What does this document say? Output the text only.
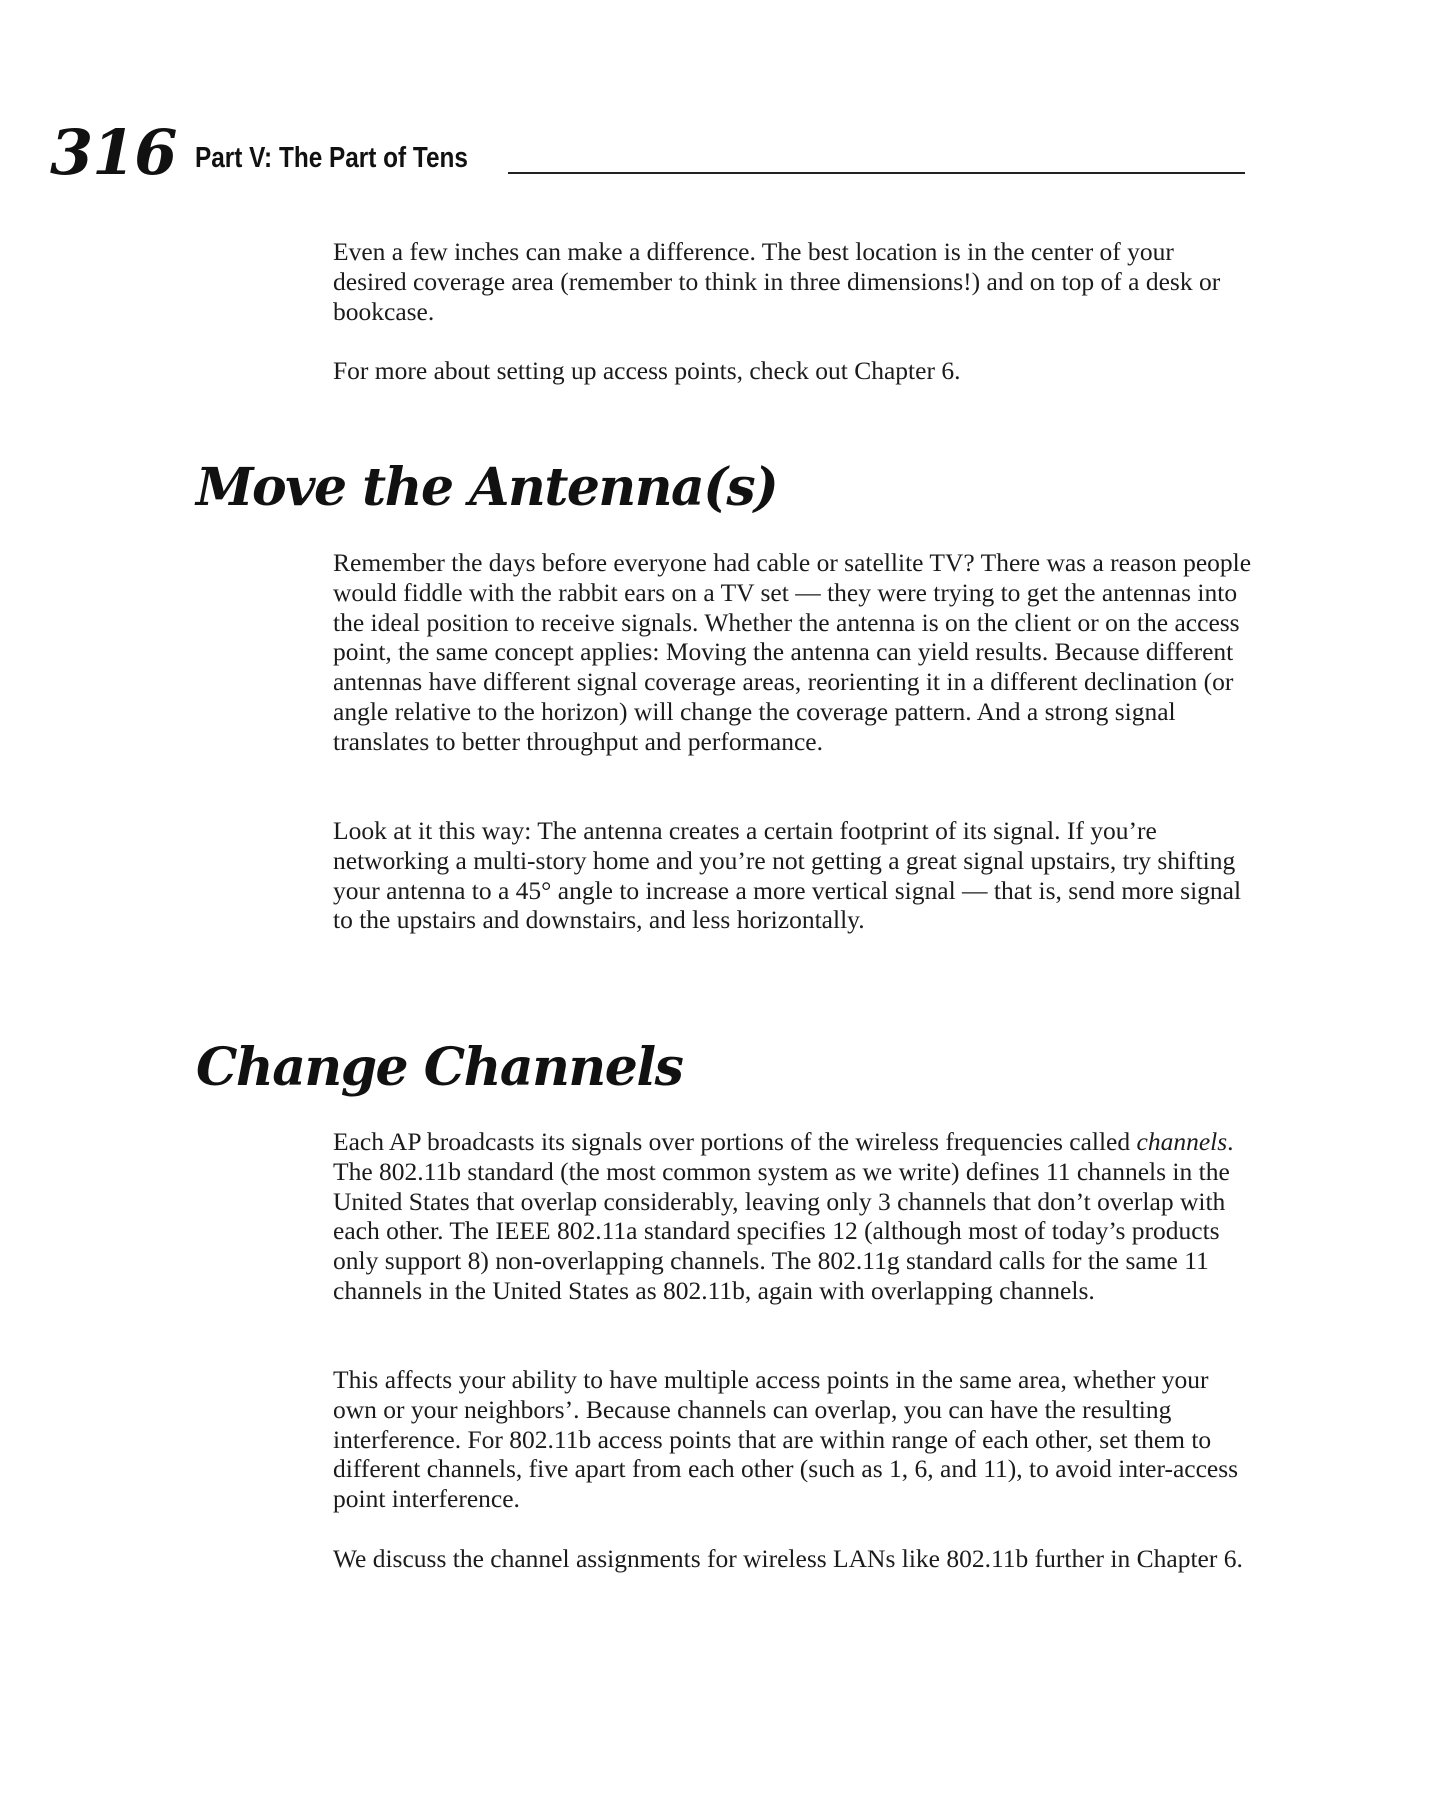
316 Part V: The Part of Tens

Even a few inches can make a difference. The best location is in the center of your desired coverage area (remember to think in three dimensions!) and on top of a desk or bookcase.

For more about setting up access points, check out Chapter 6.

Move the Antenna(s)

Remember the days before everyone had cable or satellite TV? There was a reason people would fiddle with the rabbit ears on a TV set — they were trying to get the antennas into the ideal position to receive signals. Whether the antenna is on the client or on the access point, the same concept applies: Moving the antenna can yield results. Because different antennas have different signal coverage areas, reorienting it in a different declination (or angle relative to the horizon) will change the coverage pattern. And a strong signal translates to better throughput and performance.

Look at it this way: The antenna creates a certain footprint of its signal. If you’re networking a multi-story home and you’re not getting a great signal upstairs, try shifting your antenna to a 45° angle to increase a more vertical signal — that is, send more signal to the upstairs and downstairs, and less horizontally.

Change Channels

Each AP broadcasts its signals over portions of the wireless frequencies called channels. The 802.11b standard (the most common system as we write) defines 11 channels in the United States that overlap considerably, leaving only 3 channels that don’t overlap with each other. The IEEE 802.11a standard specifies 12 (although most of today’s products only support 8) non-overlapping channels. The 802.11g standard calls for the same 11 channels in the United States as 802.11b, again with overlapping channels.

This affects your ability to have multiple access points in the same area, whether your own or your neighbors’. Because channels can overlap, you can have the resulting interference. For 802.11b access points that are within range of each other, set them to different channels, five apart from each other (such as 1, 6, and 11), to avoid inter-access point interference.

We discuss the channel assignments for wireless LANs like 802.11b further in Chapter 6.
